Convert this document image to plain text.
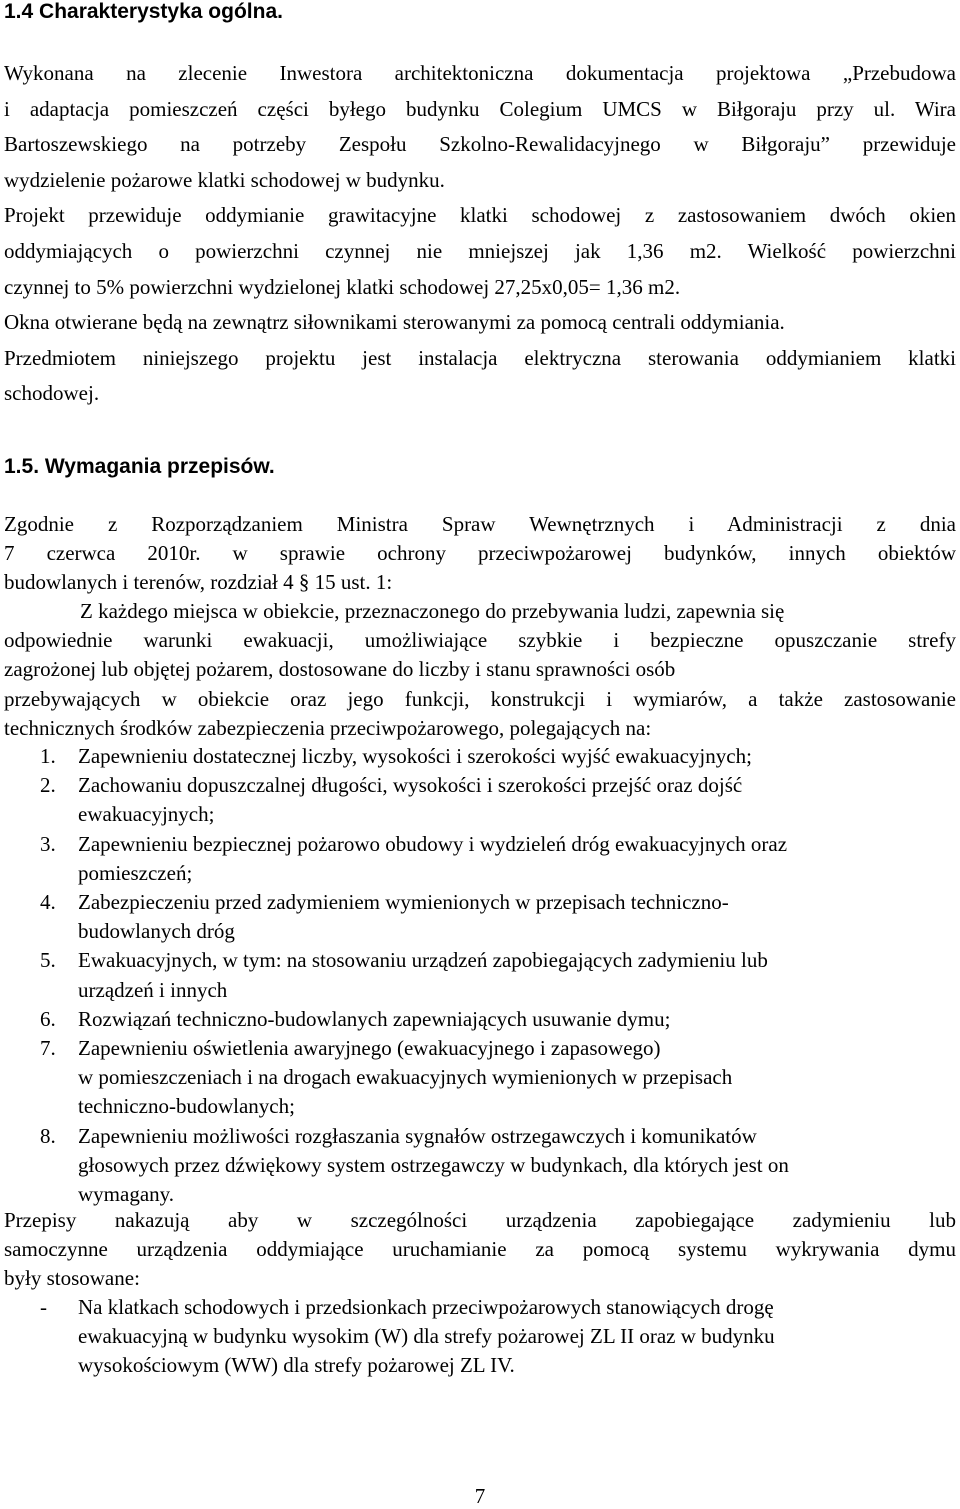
1.4 Charakterystyka ogólna.
Wykonana na zlecenie Inwestora architektoniczna dokumentacja projektowa „Przebudowa
i adaptacja pomieszczeń części byłego budynku Colegium UMCS w Biłgoraju przy ul. Wira
Bartoszewskiego na potrzeby Zespołu Szkolno-Rewalidacyjnego w Biłgoraju” przewiduje
wydzielenie pożarowe klatki schodowej w budynku.
Projekt przewiduje oddymianie grawitacyjne klatki schodowej z zastosowaniem dwóch okien
oddymiających o powierzchni czynnej nie mniejszej jak 1,36 m2. Wielkość powierzchni
czynnej to 5% powierzchni wydzielonej klatki schodowej 27,25x0,05= 1,36 m2.
Okna otwierane będą na zewnątrz siłownikami sterowanymi za pomocą centrali oddymiania.
Przedmiotem niniejszego projektu jest instalacja elektryczna sterowania oddymianiem klatki
schodowej.
1.5. Wymagania przepisów.
Zgodnie z Rozporządzaniem Ministra Spraw Wewnętrznych i Administracji z dnia
7 czerwca 2010r. w sprawie ochrony przeciwpożarowej budynków, innych obiektów
budowlanych i terenów, rozdział 4 § 15 ust. 1:
Z każdego miejsca w obiekcie, przeznaczonego do przebywania ludzi, zapewnia się
odpowiednie warunki ewakuacji, umożliwiające szybkie i bezpieczne opuszczanie strefy
zagrożonej lub objętej pożarem, dostosowane do liczby i stanu sprawności osób
przebywających w obiekcie oraz jego funkcji, konstrukcji i wymiarów, a także zastosowanie
technicznych środków zabezpieczenia przeciwpożarowego, polegających na:
1. Zapewnieniu dostatecznej liczby, wysokości i szerokości wyjść ewakuacyjnych;
2. Zachowaniu dopuszczalnej długości, wysokości i szerokości przejść oraz dojść
ewakuacyjnych;
3. Zapewnieniu bezpiecznej pożarowo obudowy i wydzieleń dróg ewakuacyjnych oraz
pomieszczeń;
4. Zabezpieczeniu przed zadymieniem wymienionych w przepisach techniczno-
budowlanych dróg
5. Ewakuacyjnych, w tym: na stosowaniu urządzeń zapobiegających zadymieniu lub
urządzeń i innych
6. Rozwiązań techniczno-budowlanych zapewniających usuwanie dymu;
7. Zapewnieniu oświetlenia awaryjnego (ewakuacyjnego i zapasowego)
w pomieszczeniach i na drogach ewakuacyjnych wymienionych w przepisach
techniczno-budowlanych;
8. Zapewnieniu możliwości rozgłaszania sygnałów ostrzegawczych i komunikatów
głosowych przez dźwiękowy system ostrzegawczy w budynkach, dla których jest on
wymagany.
Przepisy nakazują aby w szczególności urządzenia zapobiegające zadymieniu lub
samoczynne urządzenia oddymiające uruchamianie za pomocą systemu wykrywania dymu
były stosowane:
-	Na klatkach schodowych i przedsionkach przeciwpożarowych stanowiących drogę
ewakuacyjną w budynku wysokim (W) dla strefy pożarowej ZL II oraz w budynku
wysokościowym (WW) dla strefy pożarowej ZL IV.
7
